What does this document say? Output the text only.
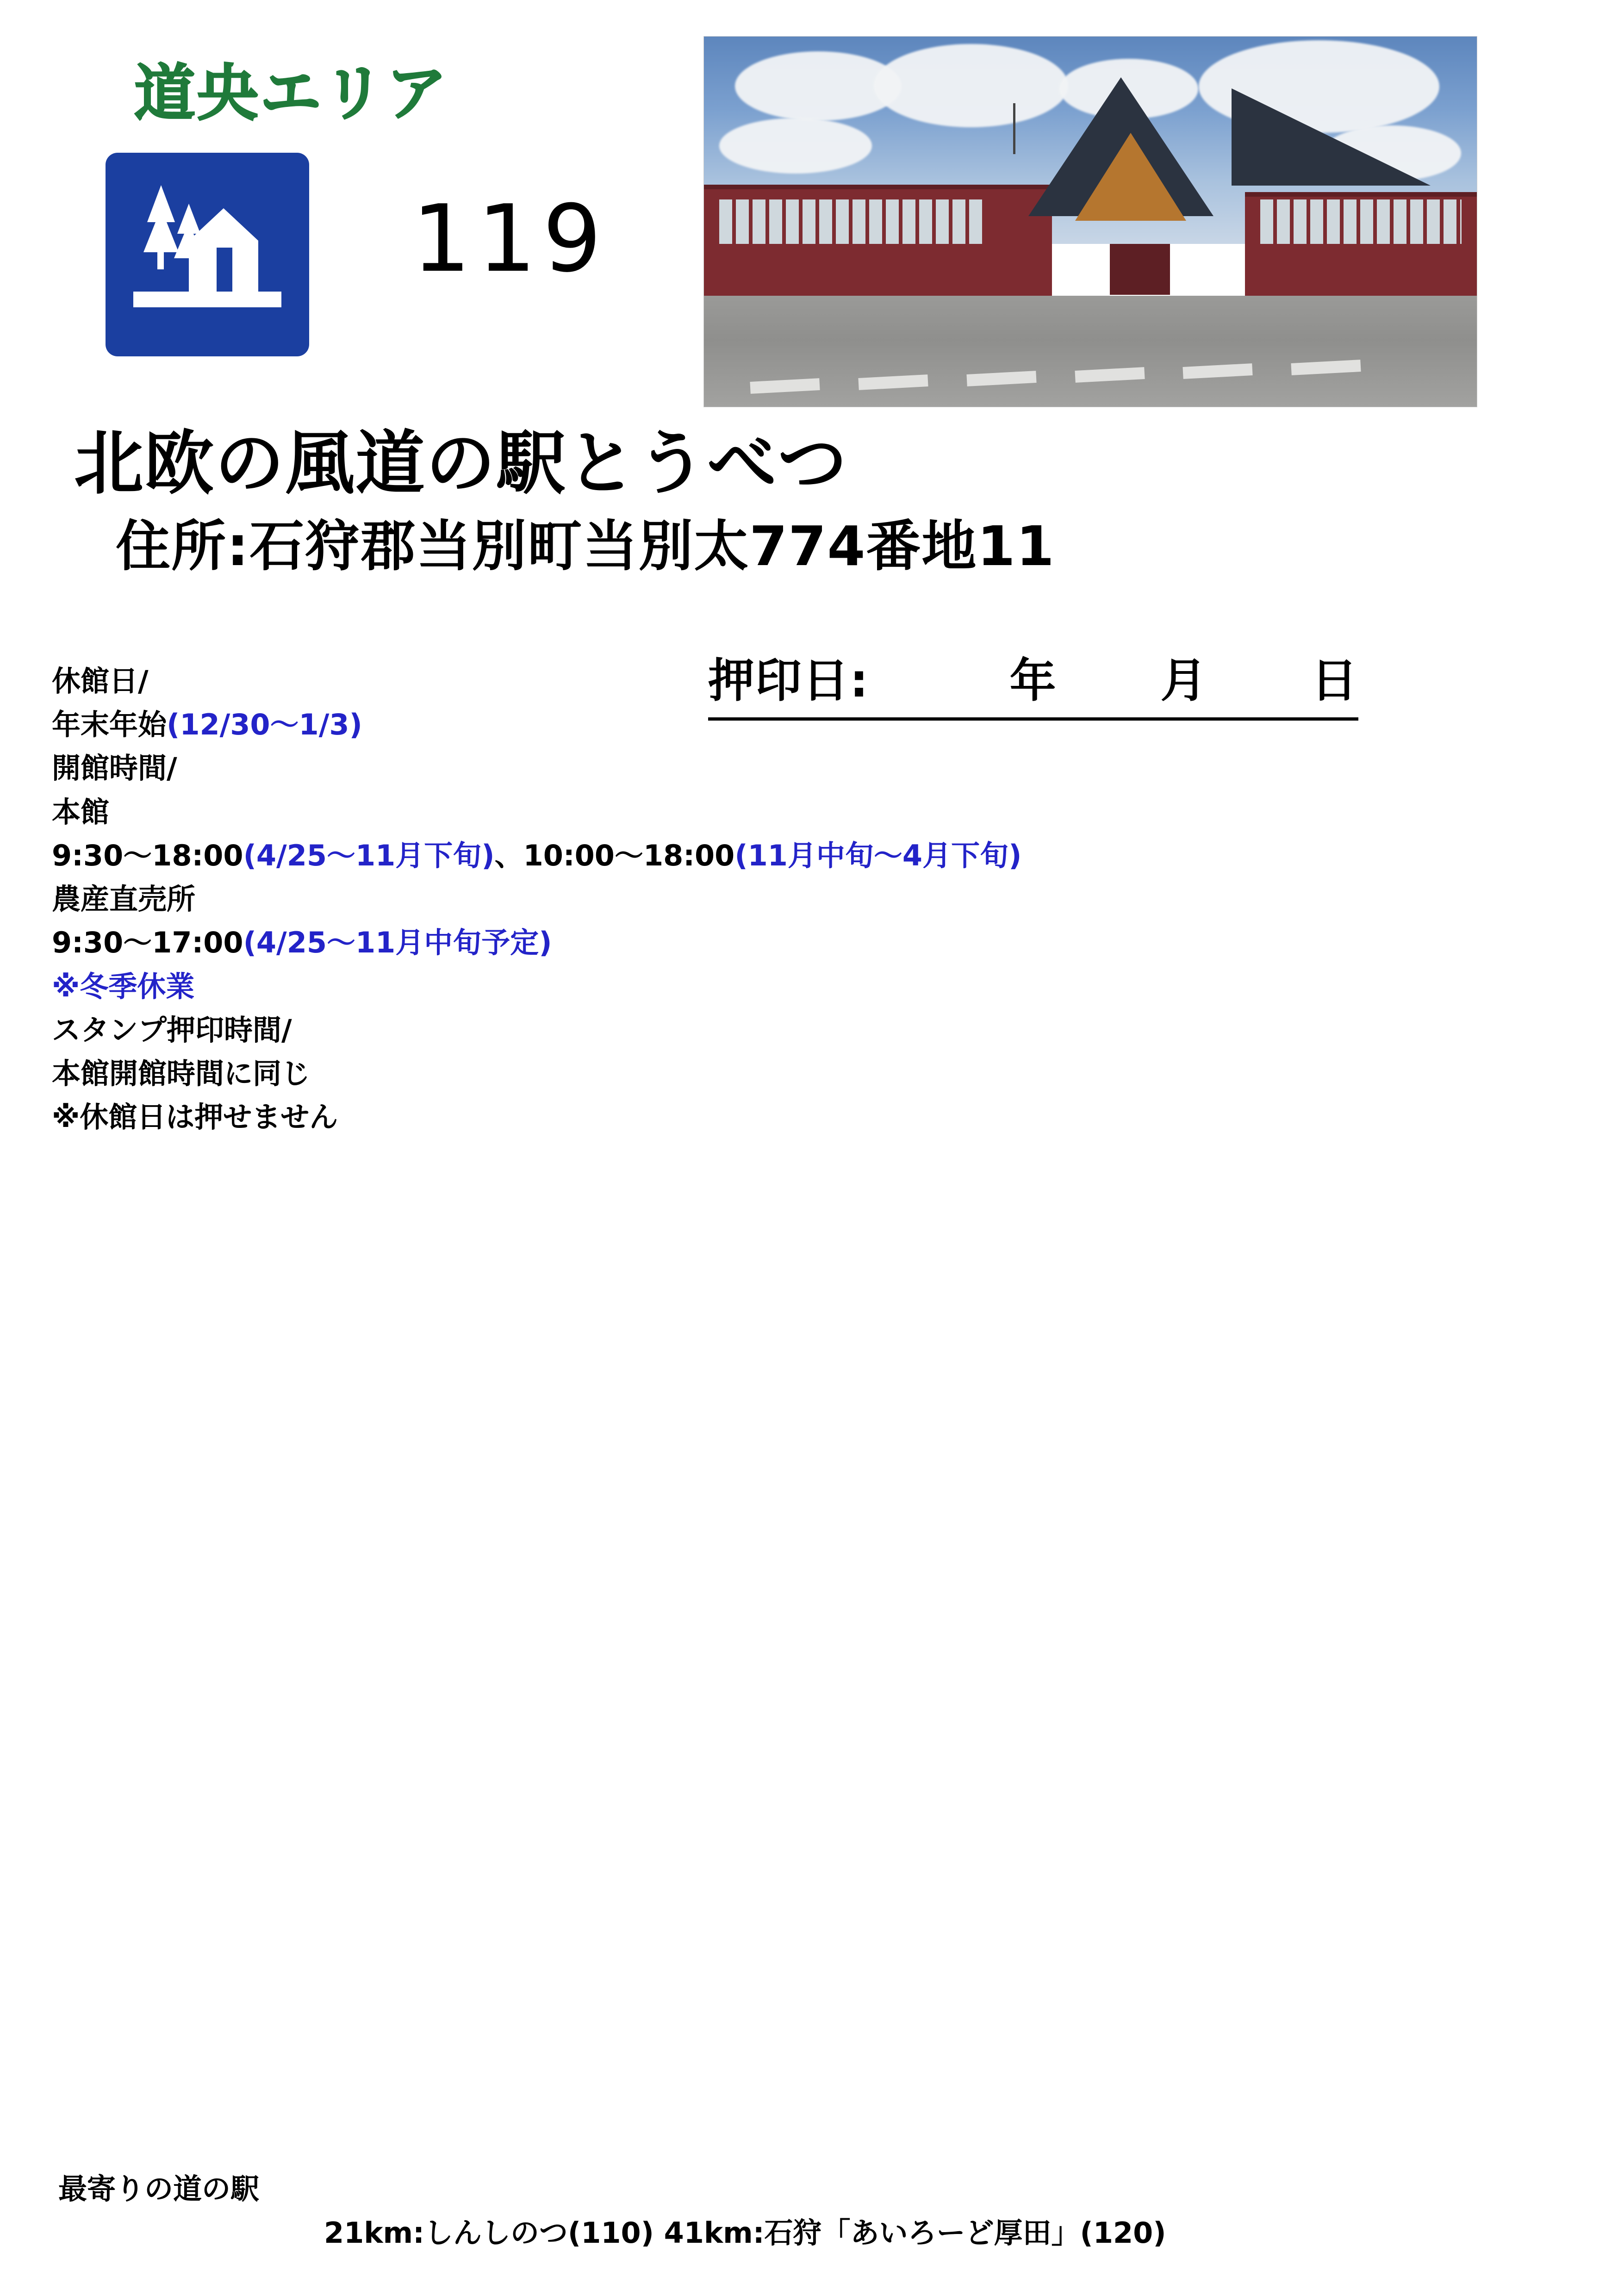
道央エリア
119
北欧の風道の駅とうべつ
住所:石狩郡当別町当別太774番地11
押印日:	年 月 日
休館日/
年末年始(12/30～1/3)
開館時間/
本館
9:30～18:00(4/25～11月下旬)、10:00～18:00(11月中旬～4月下旬)
農産直売所
9:30～17:00(4/25～11月中旬予定)
※冬季休業
スタンプ押印時間/
本館開館時間に同じ
※休館日は押せません
最寄りの道の駅
21km:しんしのつ(110) 41km:石狩「あいろーど厚田」(120)
